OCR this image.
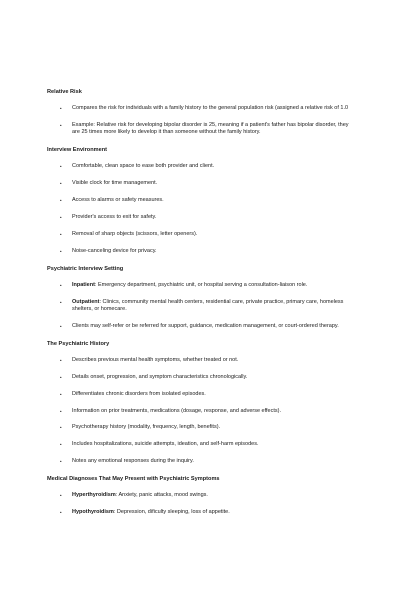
Relative Risk
• Compares the risk for individuals with a family history to the general population risk (assigned a relative risk of 1.0
• Example: Relative risk for developing bipolar disorder is 25, meaning if a patient's father has bipolar disorder, they are 25 times more likely to develop it than someone without the family history.
Interview Environment
• Comfortable, clean space to ease both provider and client.
• Visible clock for time management.
• Access to alarms or safety measures.
• Provider's access to exit for safety.
• Removal of sharp objects (scissors, letter openers).
• Noise-canceling device for privacy.
Psychiatric Interview Setting
• Inpatient: Emergency department, psychiatric unit, or hospital serving a consultation-liaison role.
• Outpatient: Clinics, community mental health centers, residential care, private practice, primary care, homeless shelters, or homecare.
• Clients may self-refer or be referred for support, guidance, medication management, or court-ordered therapy.
The Psychiatric History
• Describes previous mental health symptoms, whether treated or not.
• Details onset, progression, and symptom characteristics chronologically.
• Differentiates chronic disorders from isolated episodes.
• Information on prior treatments, medications (dosage, response, and adverse effects).
• Psychotherapy history (modality, frequency, length, benefits).
• Includes hospitalizations, suicide attempts, ideation, and self-harm episodes.
• Notes any emotional responses during the inquiry.
Medical Diagnoses That May Present with Psychiatric Symptoms
• Hyperthyroidism: Anxiety, panic attacks, mood swings.
• Hypothyroidism: Depression, dificulty sleeping, loss of appetite.
